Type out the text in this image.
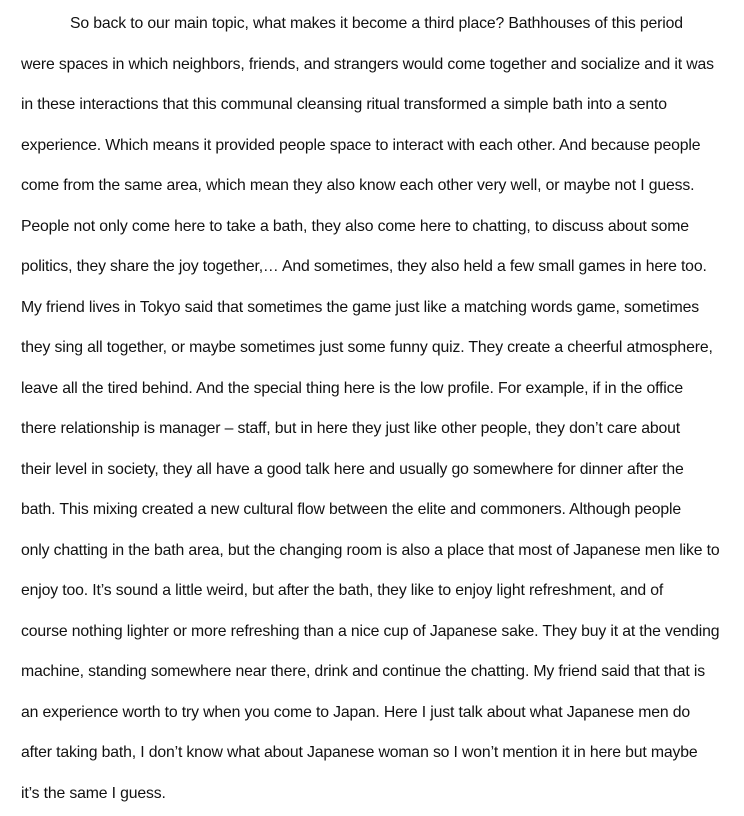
So back to our main topic, what makes it become a third place? Bathhouses of this period
were spaces in which neighbors, friends, and strangers would come together and socialize and it was
in these interactions that this communal cleansing ritual transformed a simple bath into a sento
experience. Which means it provided people space to interact with each other. And because people
come from the same area, which mean they also know each other very well, or maybe not I guess.
People not only come here to take a bath, they also come here to chatting, to discuss about some
politics, they share the joy together,… And sometimes, they also held a few small games in here too.
My friend lives in Tokyo said that sometimes the game just like a matching words game, sometimes
they sing all together, or maybe sometimes just some funny quiz. They create a cheerful atmosphere,
leave all the tired behind. And the special thing here is the low profile. For example, if in the office
there relationship is manager – staff, but in here they just like other people, they don’t care about
their level in society, they all have a good talk here and usually go somewhere for dinner after the
bath. This mixing created a new cultural flow between the elite and commoners. Although people
only chatting in the bath area, but the changing room is also a place that most of Japanese men like to
enjoy too. It’s sound a little weird, but after the bath, they like to enjoy light refreshment, and of
course nothing lighter or more refreshing than a nice cup of Japanese sake. They buy it at the vending
machine, standing somewhere near there, drink and continue the chatting. My friend said that that is
an experience worth to try when you come to Japan. Here I just talk about what Japanese men do
after taking bath, I don’t know what about Japanese woman so I won’t mention it in here but maybe
it’s the same I guess.
